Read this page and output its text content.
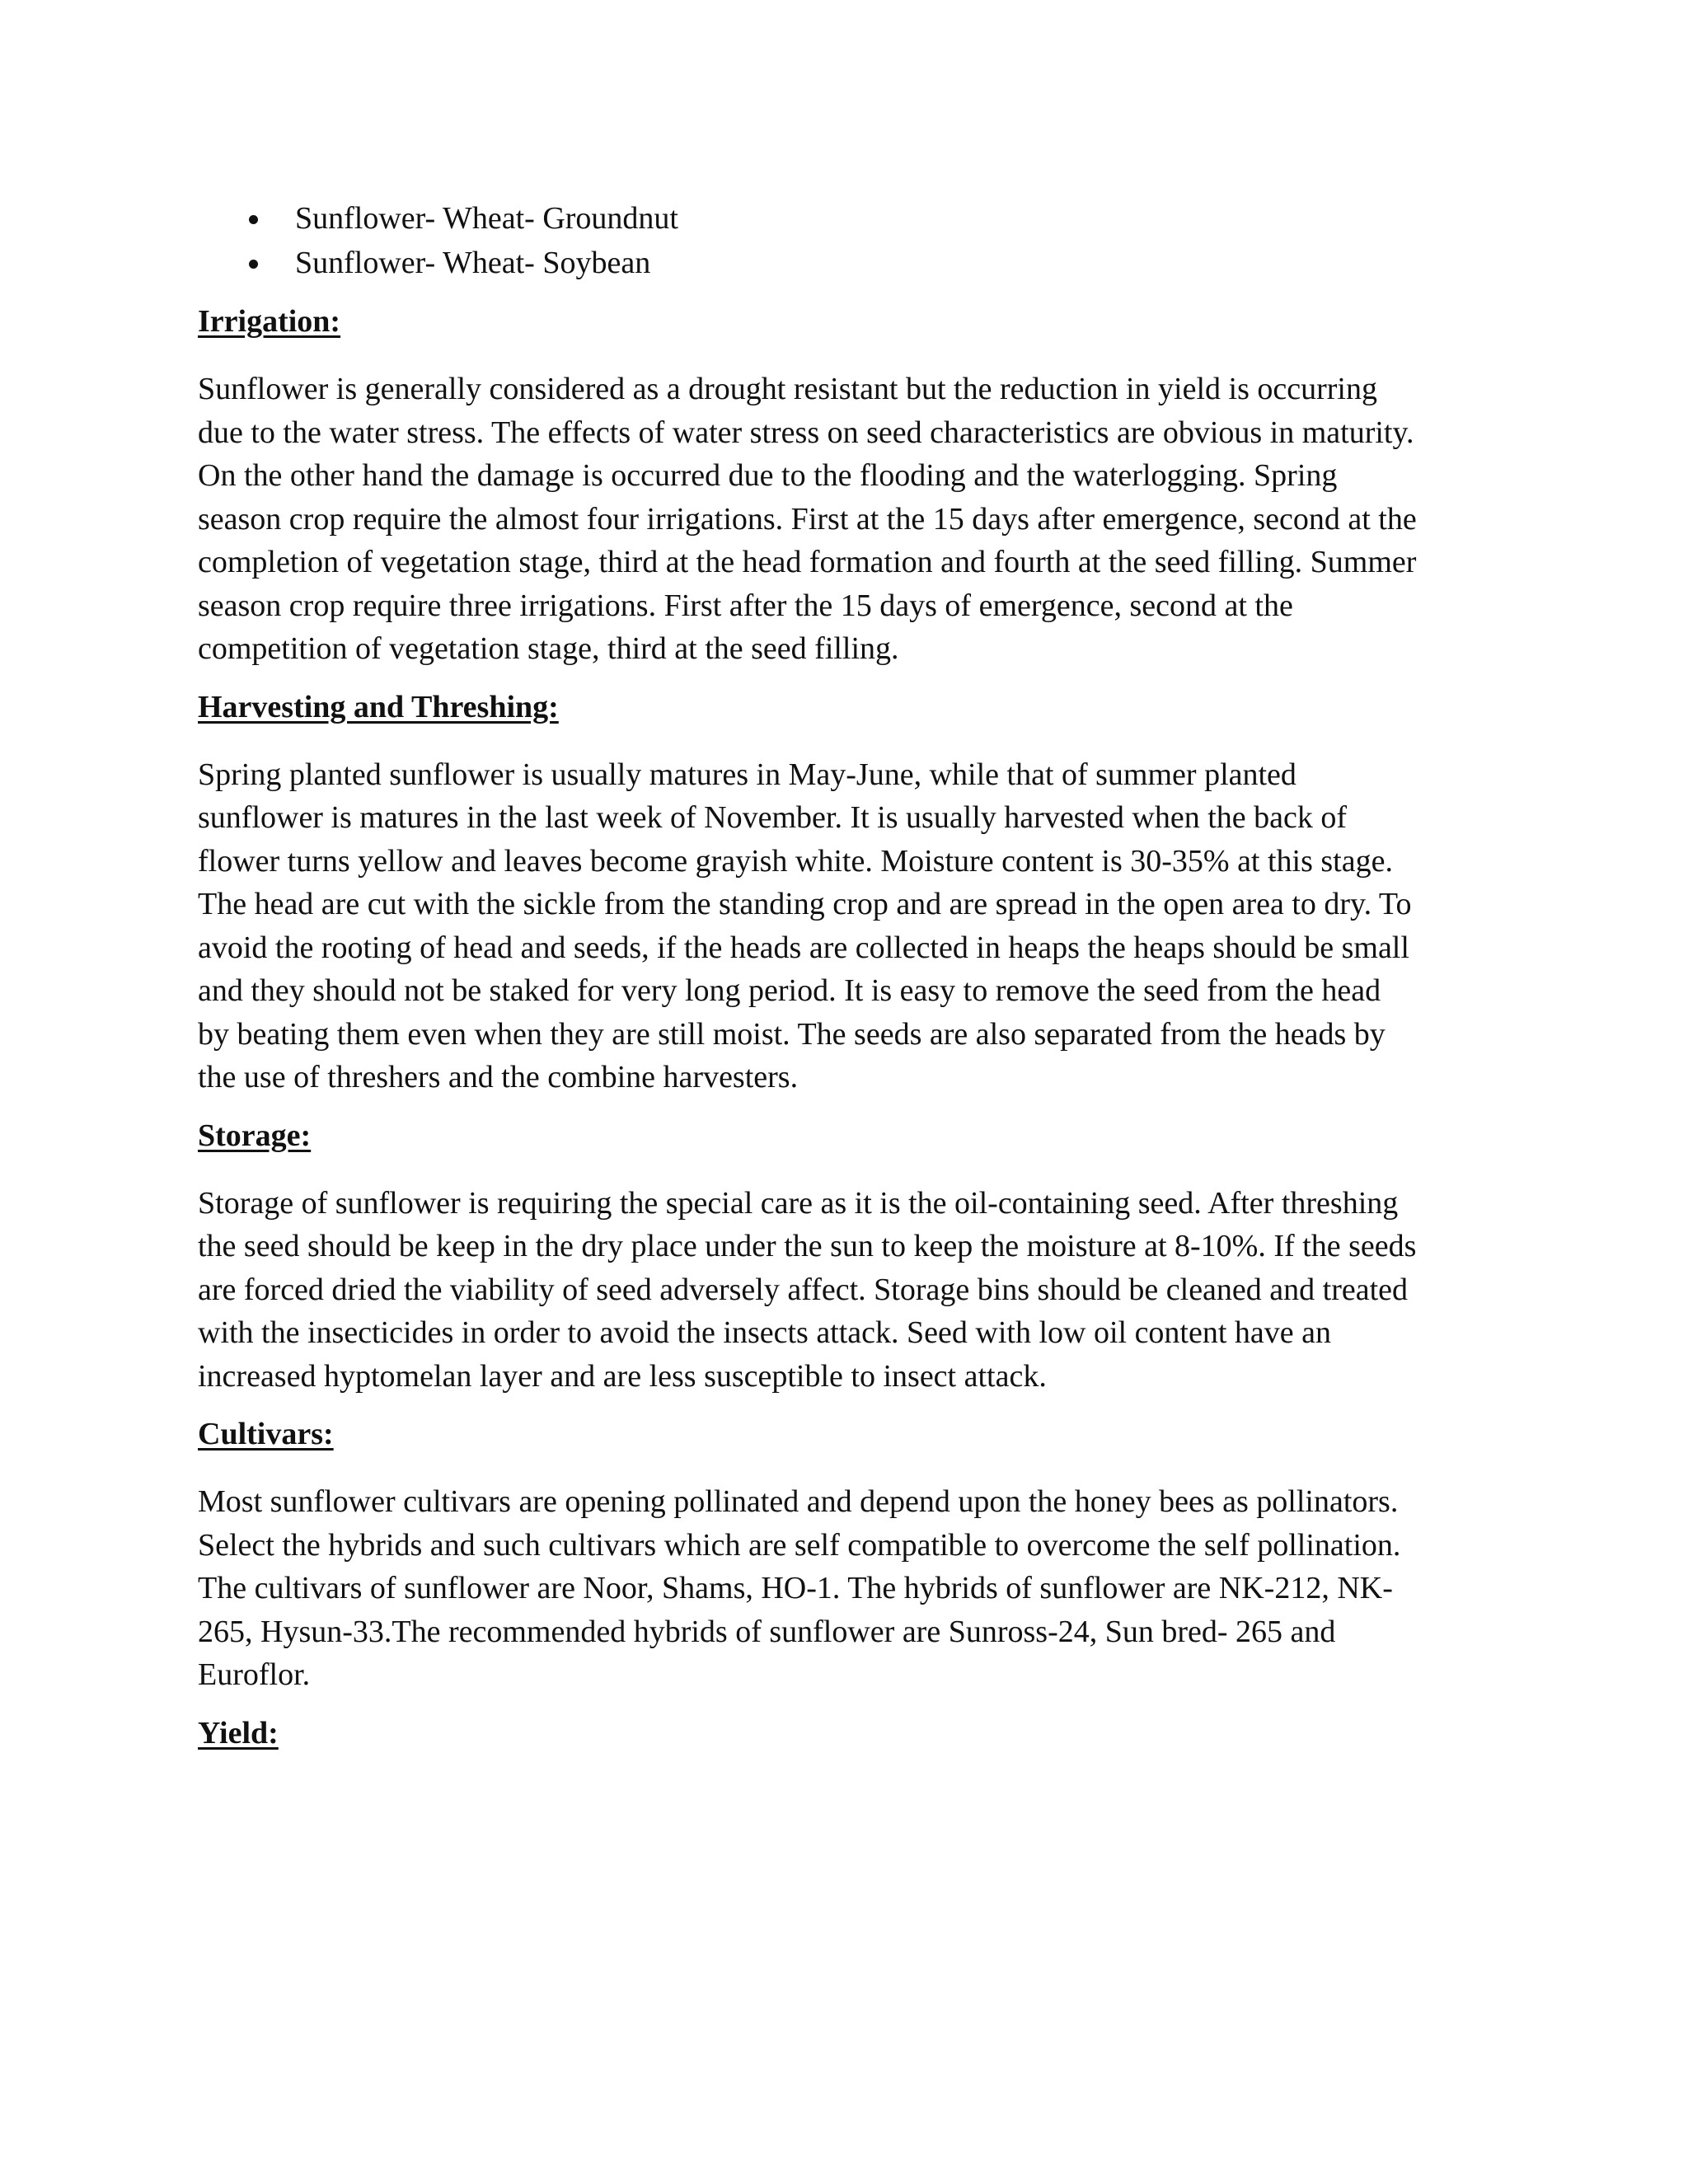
Sunflower- Wheat- Groundnut
Sunflower- Wheat- Soybean
Irrigation:
Sunflower is generally considered as a drought resistant but the reduction in yield is occurring
due to the water stress. The effects of water stress on seed characteristics are obvious in maturity.
On the other hand the damage is occurred due to the flooding and the waterlogging. Spring
season crop require the almost four irrigations. First at the 15 days after emergence, second at the
completion of vegetation stage, third at the head formation and fourth at the seed filling. Summer
season crop require three irrigations. First after the 15 days of emergence, second at the
competition of vegetation stage, third at the seed filling.
Harvesting and Threshing:
Spring planted sunflower is usually matures in May-June, while that of summer planted
sunflower is matures in the last week of November. It is usually harvested when the back of
flower turns yellow and leaves become grayish white. Moisture content is 30-35% at this stage.
The head are cut with the sickle from the standing crop and are spread in the open area to dry. To
avoid the rooting of head and seeds, if the heads are collected in heaps the heaps should be small
and they should not be staked for very long period. It is easy to remove the seed from the head
by beating them even when they are still moist. The seeds are also separated from the heads by
the use of threshers and the combine harvesters.
Storage:
Storage of sunflower is requiring the special care as it is the oil-containing seed. After threshing
the seed should be keep in the dry place under the sun to keep the moisture at 8-10%. If the seeds
are forced dried the viability of seed adversely affect. Storage bins should be cleaned and treated
with the insecticides in order to avoid the insects attack. Seed with low oil content have an
increased hyptomelan layer and are less susceptible to insect attack.
Cultivars:
Most sunflower cultivars are opening pollinated and depend upon the honey bees as pollinators.
Select the hybrids and such cultivars which are self compatible to overcome the self pollination.
The cultivars of sunflower are Noor, Shams, HO-1. The hybrids of sunflower are NK-212, NK-
265, Hysun-33.The recommended hybrids of sunflower are Sunross-24, Sun bred- 265 and
Euroflor.
Yield:
